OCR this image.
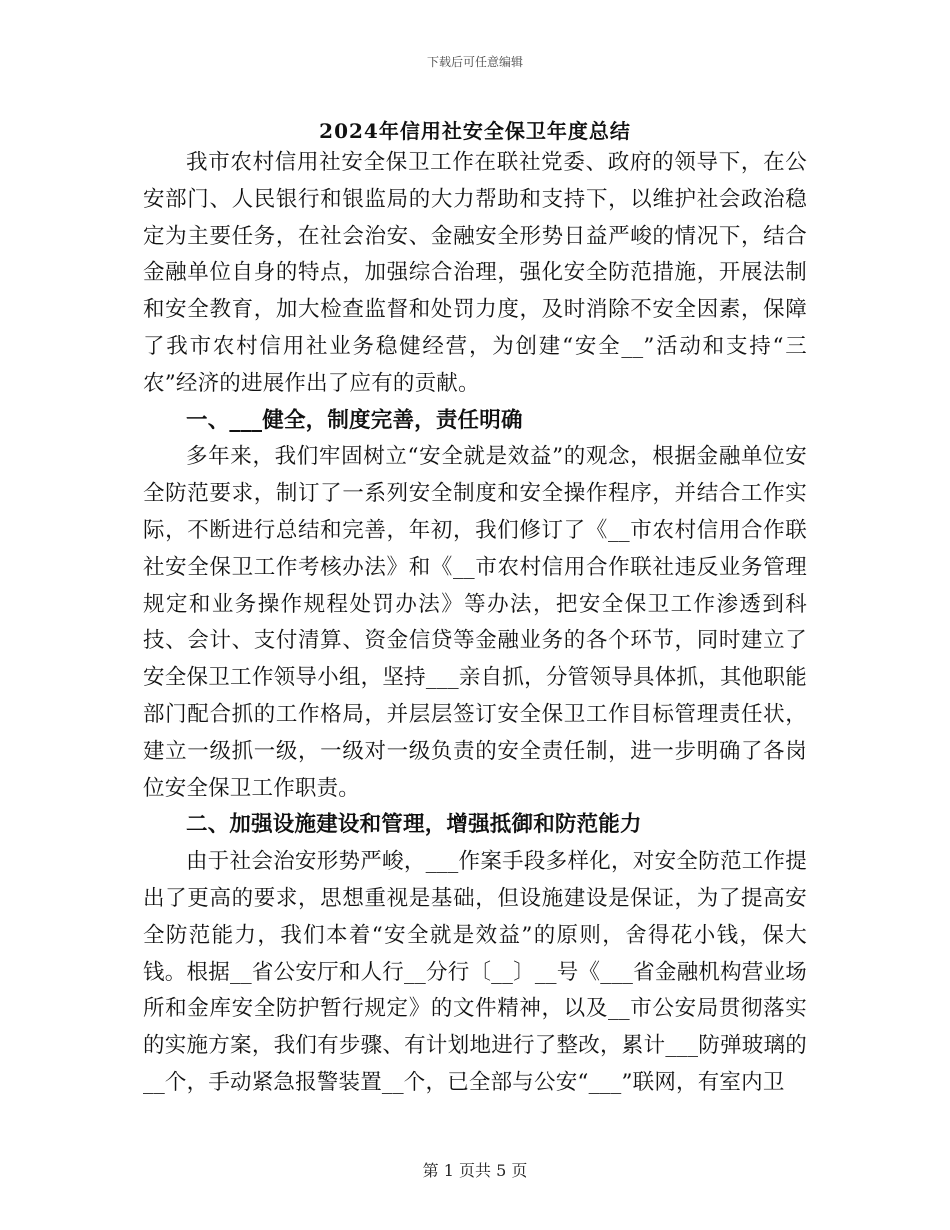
下载后可任意编辑
2024年信用社安全保卫年度总结

我市农村信用社安全保卫工作在联社党委、政府的领导下，在公安部门、人民银行和银监局的大力帮助和支持下，以维护社会政治稳定为主要任务，在社会治安、金融安全形势日益严峻的情况下，结合金融单位自身的特点，加强综合治理，强化安全防范措施，开展法制和安全教育，加大检查监督和处罚力度，及时消除不安全因素，保障了我市农村信用社业务稳健经营，为创建“安全__”活动和支持“三农”经济的进展作出了应有的贡献。

一、___健全，制度完善，责任明确

多年来，我们牢固树立“安全就是效益”的观念，根据金融单位安全防范要求，制订了一系列安全制度和安全操作程序，并结合工作实际，不断进行总结和完善，年初，我们修订了《__市农村信用合作联社安全保卫工作考核办法》和《__市农村信用合作联社违反业务管理规定和业务操作规程处罚办法》等办法，把安全保卫工作渗透到科技、会计、支付清算、资金信贷等金融业务的各个环节，同时建立了安全保卫工作领导小组，坚持___亲自抓，分管领导具体抓，其他职能部门配合抓的工作格局，并层层签订安全保卫工作目标管理责任状，建立一级抓一级，一级对一级负责的安全责任制，进一步明确了各岗位安全保卫工作职责。

二、加强设施建设和管理，增强抵御和防范能力

由于社会治安形势严峻，___作案手段多样化，对安全防范工作提出了更高的要求，思想重视是基础，但设施建设是保证，为了提高安全防范能力，我们本着“安全就是效益”的原则，舍得花小钱，保大钱。根据__省公安厅和人行__分行〔__〕__号《___省金融机构营业场所和金库安全防护暂行规定》的文件精神，以及__市公安局贯彻落实的实施方案，我们有步骤、有计划地进行了整改，累计___防弹玻璃的__个，手动紧急报警装置__个，已全部与公安“___”联网，有室内卫

第 1 页共 5 页
